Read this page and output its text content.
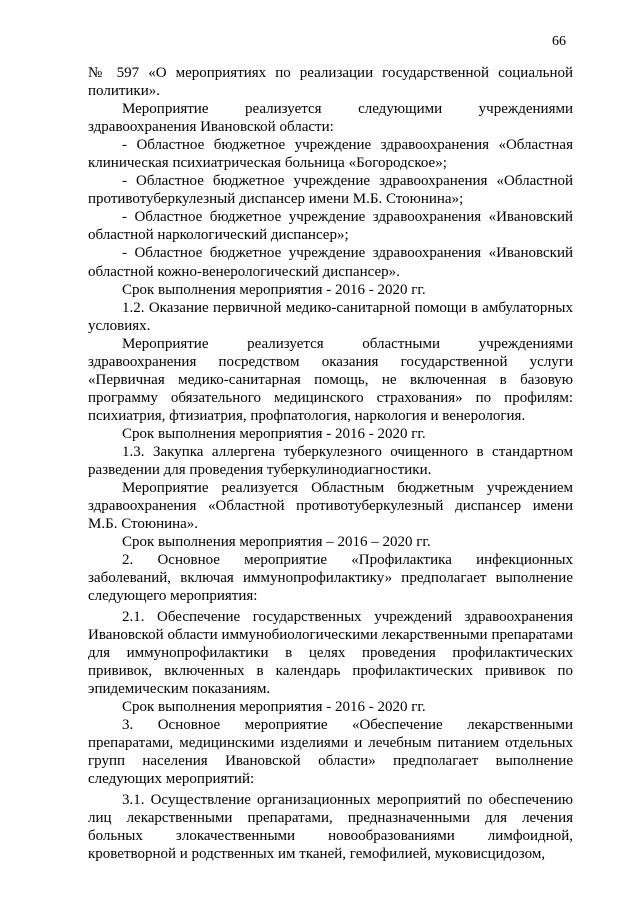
66

№ 597 «О мероприятиях по реализации государственной социальной политики».

Мероприятие реализуется следующими учреждениями здравоохранения Ивановской области:

- Областное бюджетное учреждение здравоохранения «Областная клиническая психиатрическая больница «Богородское»;

- Областное бюджетное учреждение здравоохранения «Областной противотуберкулезный диспансер имени М.Б. Стоюнина»;

- Областное бюджетное учреждение здравоохранения «Ивановский областной наркологический диспансер»;

- Областное бюджетное учреждение здравоохранения «Ивановский областной кожно-венерологический диспансер».

Срок выполнения мероприятия - 2016 - 2020 гг.

1.2. Оказание первичной медико-санитарной помощи в амбулаторных условиях.

Мероприятие реализуется областными учреждениями здравоохранения посредством оказания государственной услуги «Первичная медико-санитарная помощь, не включенная в базовую программу обязательного медицинского страхования» по профилям: психиатрия, фтизиатрия, профпатология, наркология и венерология.

Срок выполнения мероприятия - 2016 - 2020 гг.

1.3. Закупка аллергена туберкулезного очищенного в стандартном разведении для проведения туберкулинодиагностики.

Мероприятие реализуется Областным бюджетным учреждением здравоохранения «Областной противотуберкулезный диспансер имени М.Б. Стоюнина».

Срок выполнения мероприятия – 2016 – 2020 гг.

2. Основное мероприятие «Профилактика инфекционных заболеваний, включая иммунопрофилактику» предполагает выполнение следующего мероприятия:

2.1. Обеспечение государственных учреждений здравоохранения Ивановской области иммунобиологическими лекарственными препаратами для иммунопрофилактики в целях проведения профилактических прививок, включенных в календарь профилактических прививок по эпидемическим показаниям.

Срок выполнения мероприятия - 2016 - 2020 гг.

3. Основное мероприятие «Обеспечение лекарственными препаратами, медицинскими изделиями и лечебным питанием отдельных групп населения Ивановской области» предполагает выполнение следующих мероприятий:

3.1. Осуществление организационных мероприятий по обеспечению лиц лекарственными препаратами, предназначенными для лечения больных злокачественными новообразованиями лимфоидной, кроветворной и родственных им тканей, гемофилией, муковисцидозом,
